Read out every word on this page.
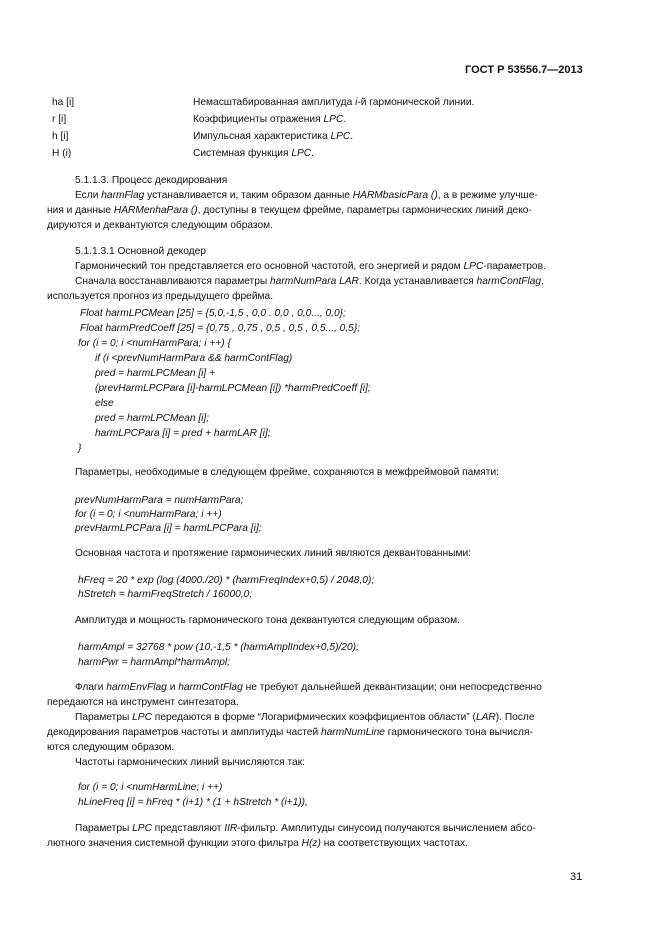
ГОСТ Р 53556.7—2013
ha [i]	Немасштабированная амплитуда i-й гармонической линии.
r [i]	Коэффициенты отражения LPC.
h [i]	Импульсная характеристика LPC.
H (i)	Системная функция LPC.
5.1.1.3. Процесс декодирования
Если harmFlag устанавливается и, таким образом данные HARMbasicPara (), а в режиме улучше-
ния и данные HARMenhaPara (), доступны в текущем фрейме, параметры гармонических линий деко-
дируются и деквантуются следующим образом.
5.1.1.3.1 Основной декодер
Гармонический тон представляется его основной частотой, его энергией и рядом LPC-параметров.
Сначала восстанавливаются параметры harmNumPara LAR. Когда устанавливается harmContFlag,
используется прогноз из предыдущего фрейма.
Float harmLPCMean [25] = {5,0,-1,5 , 0,0 . 0,0 , 0,0..., 0,0};
Float harmPredCoeff [25] = {0,75 , 0,75 , 0,5 , 0,5 , 0,5..., 0,5};
for (i = 0; i <numHarmPara; i ++) {
if (i <prevNumHarmPara && harmContFlag)
pred = harmLPCMean [i] +
(prevHarmLPCPara [i]-harmLPCMean [i]) *harmPredCoeff [i];
else
pred = harmLPCMean [i];
harmLPCPara [i] = pred + harmLAR [i];
}
Параметры, необходимые в следующем фрейме, сохраняются в межфреймовой памяти:
prevNumHarmPara = numHarmPara;
for (i = 0; i <numHarmPara; i ++)
prevHarmLPCPara [i] = harmLPCPara [i];
Основная частота и протяжение гармонических линий являются деквантованными:
hFreq = 20 * exp (log (4000./20) * (harmFreqIndex+0,5) / 2048,0);
hStretch = harmFreqStretch / 16000,0;
Амплитуда и мощность гармонического тона деквантуются следующим образом.
harmAmpl = 32768 * pow (10,-1,5 * (harmAmplIndex+0,5)/20);
harmPwr = harmAmpl*harmAmpl;
Флаги harmEnvFlag и harmContFlag не требуют дальнейшей деквантизации; они непосредственно
передаются на инструмент синтезатора.
Параметры LPC передаются в форме “Логарифмических коэффициентов области” (LAR). После
декодирования параметров частоты и амплитуды частей harmNumLine гармонического тона вычисля-
ются следующим образом.
Частоты гармонических линий вычисляются так:
for (i = 0; i <numHarmLine; i ++)
hLineFreq [i] = hFreq * (i+1) * (1 + hStretch * (i+1)),
Параметры LPC представляют IIR-фильтр. Амплитуды синусоид получаются вычислением абсо-
лютного значения системной функции этого фильтра H(z) на соответствующих частотах.
31
